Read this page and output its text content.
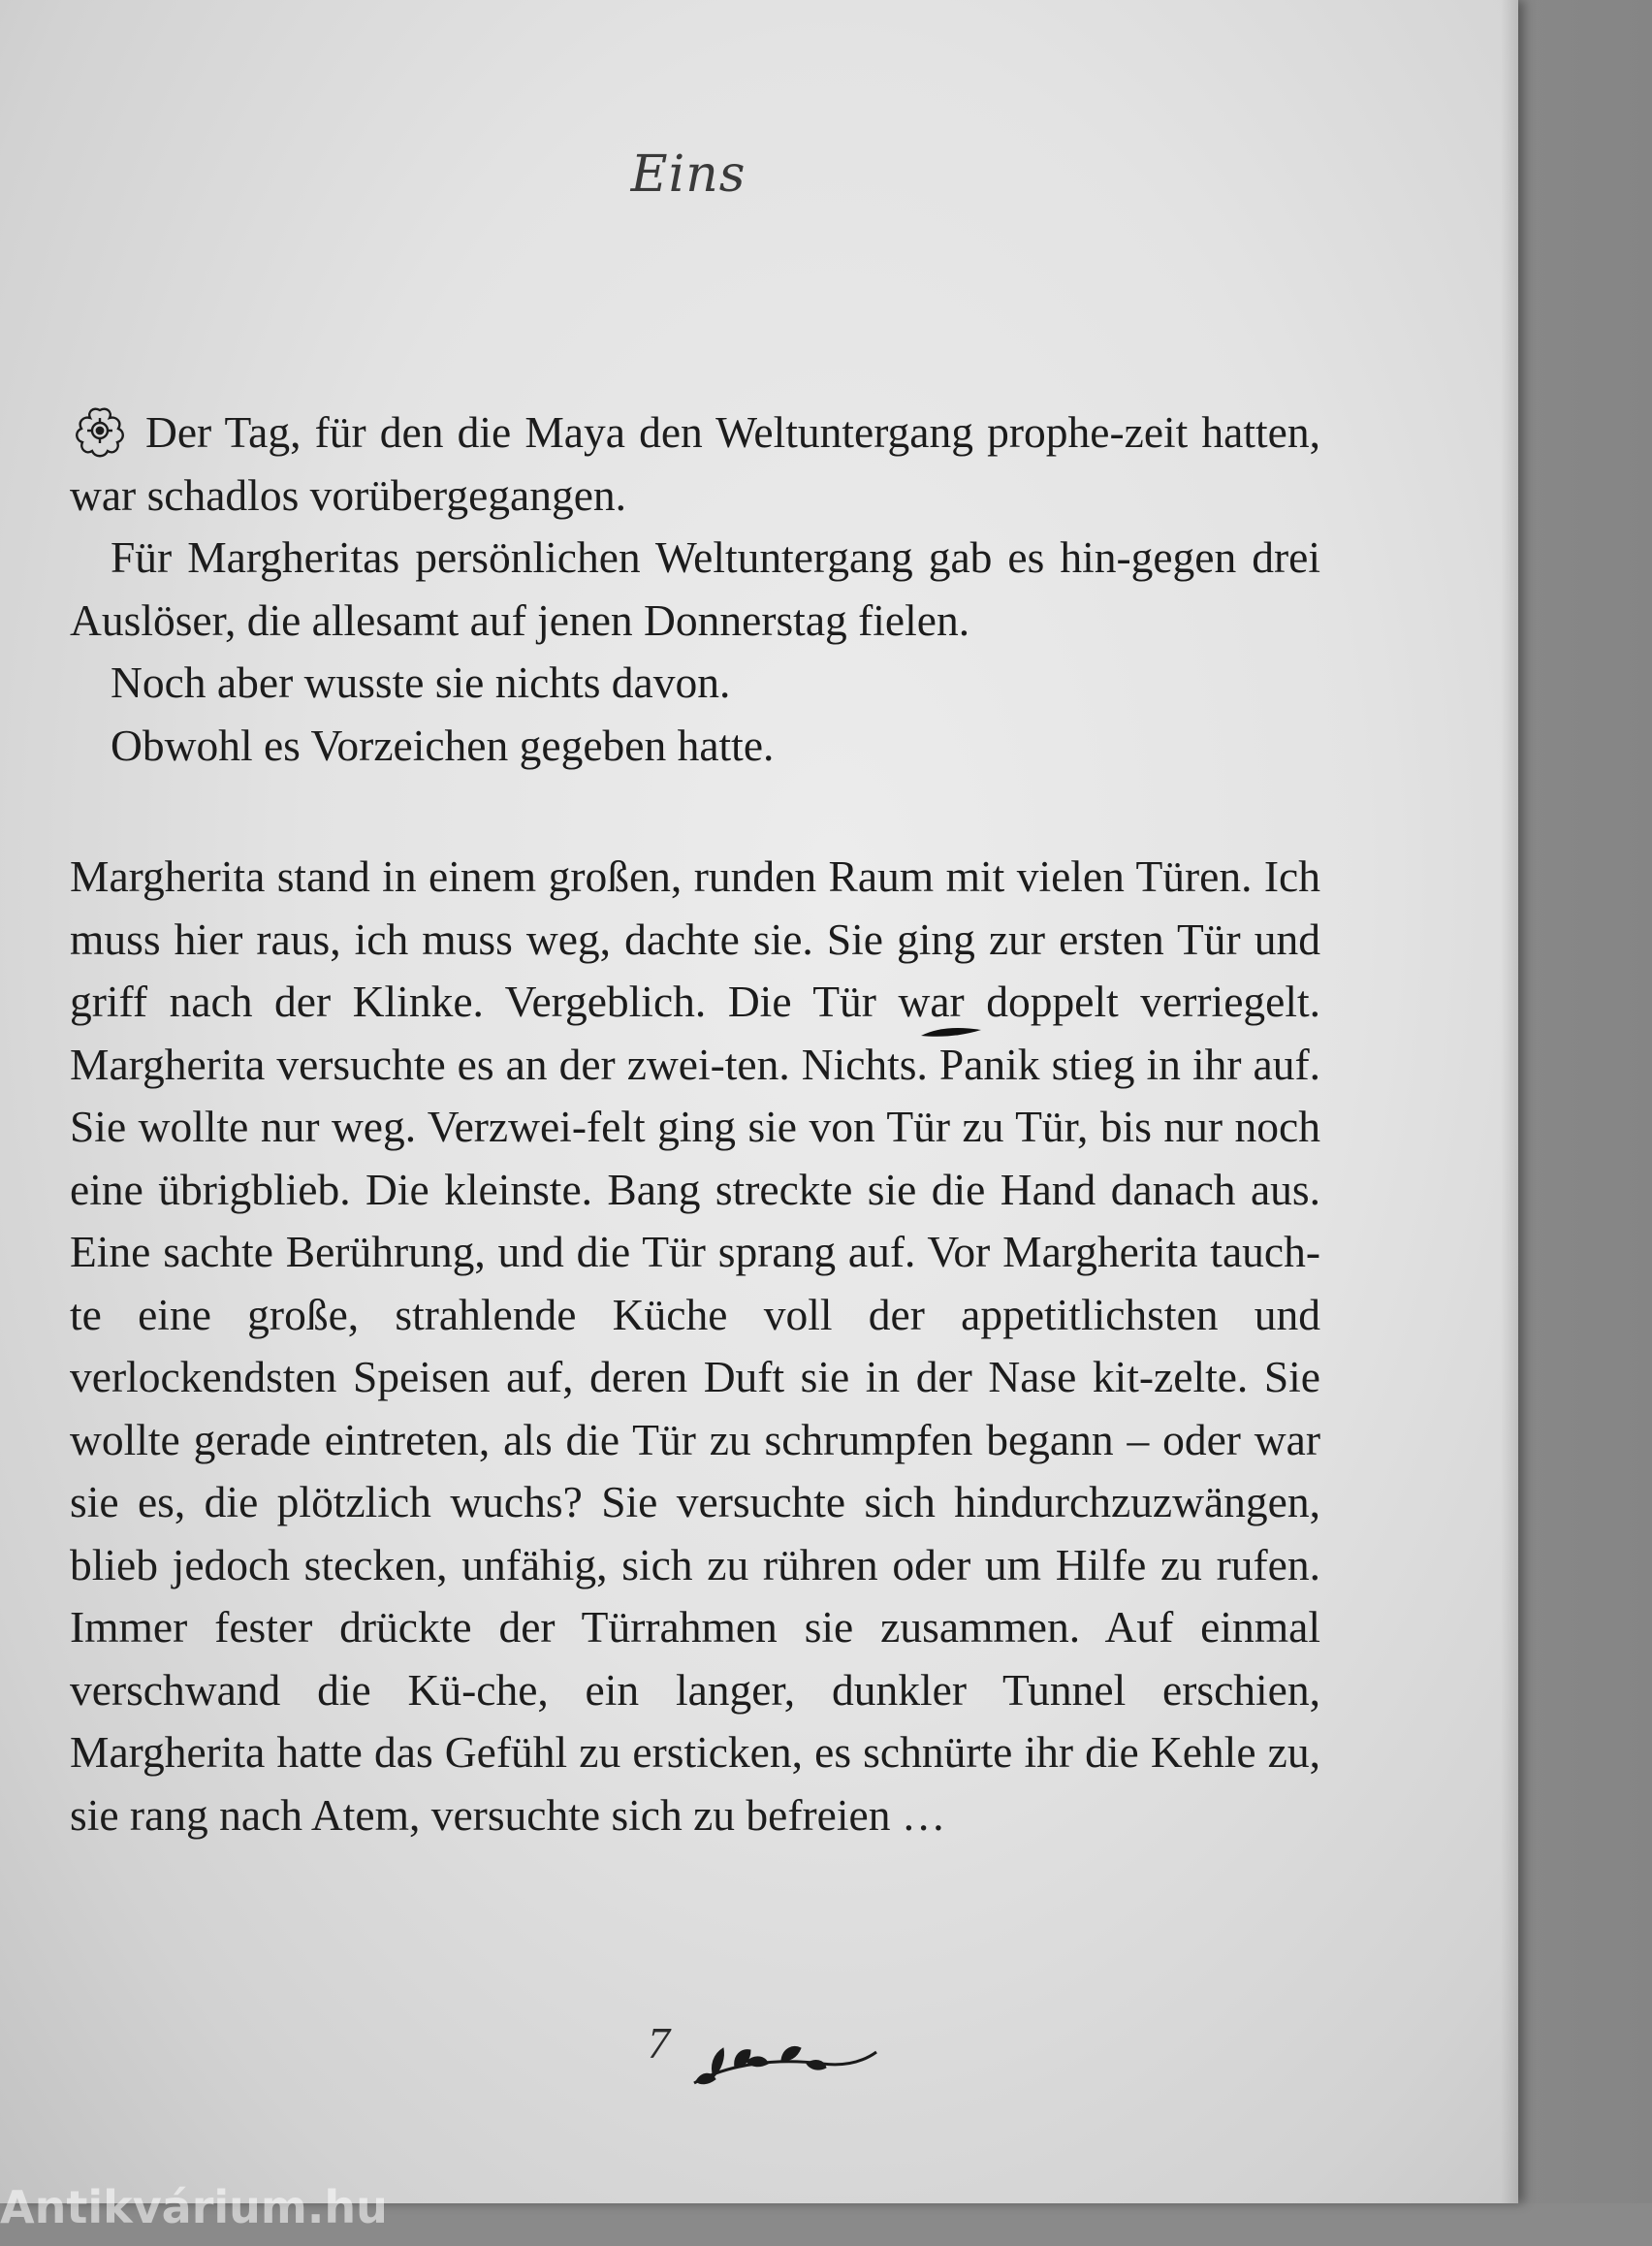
Eins

Der Tag, für den die Maya den Weltuntergang prophe-zeit hatten, war schadlos vorübergegangen.

Für Margheritas persönlichen Weltuntergang gab es hin-gegen drei Auslöser, die allesamt auf jenen Donnerstag fielen.

Noch aber wusste sie nichts davon.

Obwohl es Vorzeichen gegeben hatte.

Margherita stand in einem großen, runden Raum mit vielen Türen. Ich muss hier raus, ich muss weg, dachte sie. Sie ging zur ersten Tür und griff nach der Klinke. Vergeblich. Die Tür war doppelt verriegelt. Margherita versuchte es an der zwei-ten. Nichts. Panik stieg in ihr auf. Sie wollte nur weg. Verzwei-felt ging sie von Tür zu Tür, bis nur noch eine übrigblieb. Die kleinste. Bang streckte sie die Hand danach aus. Eine sachte Berührung, und die Tür sprang auf. Vor Margherita tauch-te eine große, strahlende Küche voll der appetitlichsten und verlockendsten Speisen auf, deren Duft sie in der Nase kit-zelte. Sie wollte gerade eintreten, als die Tür zu schrumpfen begann – oder war sie es, die plötzlich wuchs? Sie versuchte sich hindurchzuzwängen, blieb jedoch stecken, unfähig, sich zu rühren oder um Hilfe zu rufen. Immer fester drückte der Türrahmen sie zusammen. Auf einmal verschwand die Kü-che, ein langer, dunkler Tunnel erschien, Margherita hatte das Gefühl zu ersticken, es schnürte ihr die Kehle zu, sie rang nach Atem, versuchte sich zu befreien …

7
Antikvárium.hu
